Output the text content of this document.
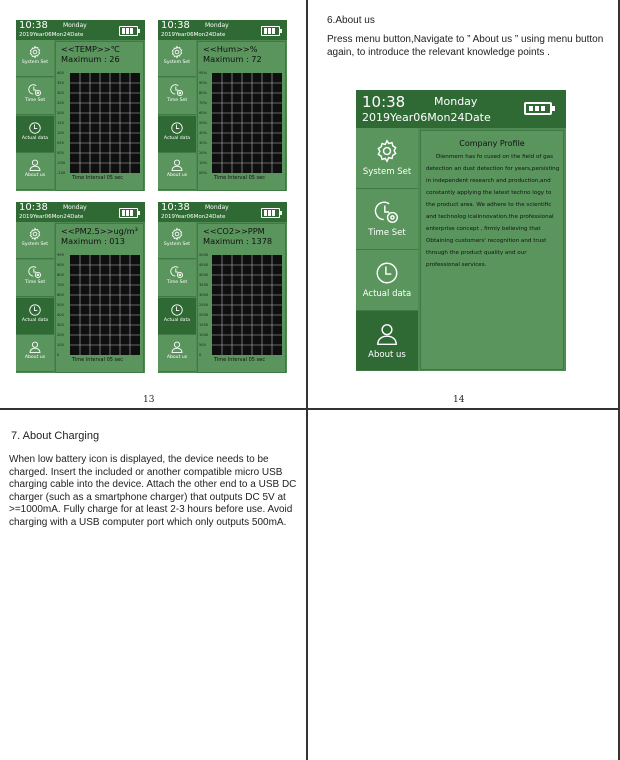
10:38	Monday
2019Year06Mon24Date
System Set
Time Set
Actual data
About us
<<TEMP>>℃
Maximum : 26
400
350
300
250
200
150
100
050
000
-050
-100
Time Interval 05 sec
10:38	Monday
2019Year06Mon24Date
System Set
Time Set
Actual data
About us
<<Hum>>%
Maximum : 72
95%
90%
80%
70%
60%
50%
40%
30%
20%
10%
00%
Time Interval 05 sec
10:38	Monday
2019Year06Mon24Date
System Set
Time Set
Actual data
About us
<<PM2.5>>ug/m³
Maximum : 013
999
900
800
700
600
500
400
300
200
100
0
Time Interval 05 sec
10:38	Monday
2019Year06Mon24Date
System Set
Time Set
Actual data
About us
<<CO2>>PPM
Maximum : 1378
5000
4500
4000
3500
3000
2500
2000
1500
1000
500
0
Time Interval 05 sec
13
6.About us
Press menu button,Navigate to ” About us ” using menu button again, to introduce the relevant knowledge points .
10:38	Monday
2019Year06Mon24Date
System Set
Time Set
Actual data
About us
Company Profile
Dienmern has fo cused on the field of gas detection an dust detection for years,persisting in independent research and production,and constantly applying the latest techno logy to the product area. We adhere to the scientific and technolog icalinnovation,the professional enterprise concept , firmly believing that Obtaining customers' recognition and trust through the product quality and our professional services.
14
7. About Charging
When low battery icon is displayed, the device needs to be charged. Insert the included or another compatible micro USB charging cable into the device. Attach the other end to a USB DC charger (such as a smartphone charger) that outputs DC 5V at >=1000mA. Fully charge for at least 2-3 hours before use. Avoid charging with a USB computer port which only outputs 500mA.
